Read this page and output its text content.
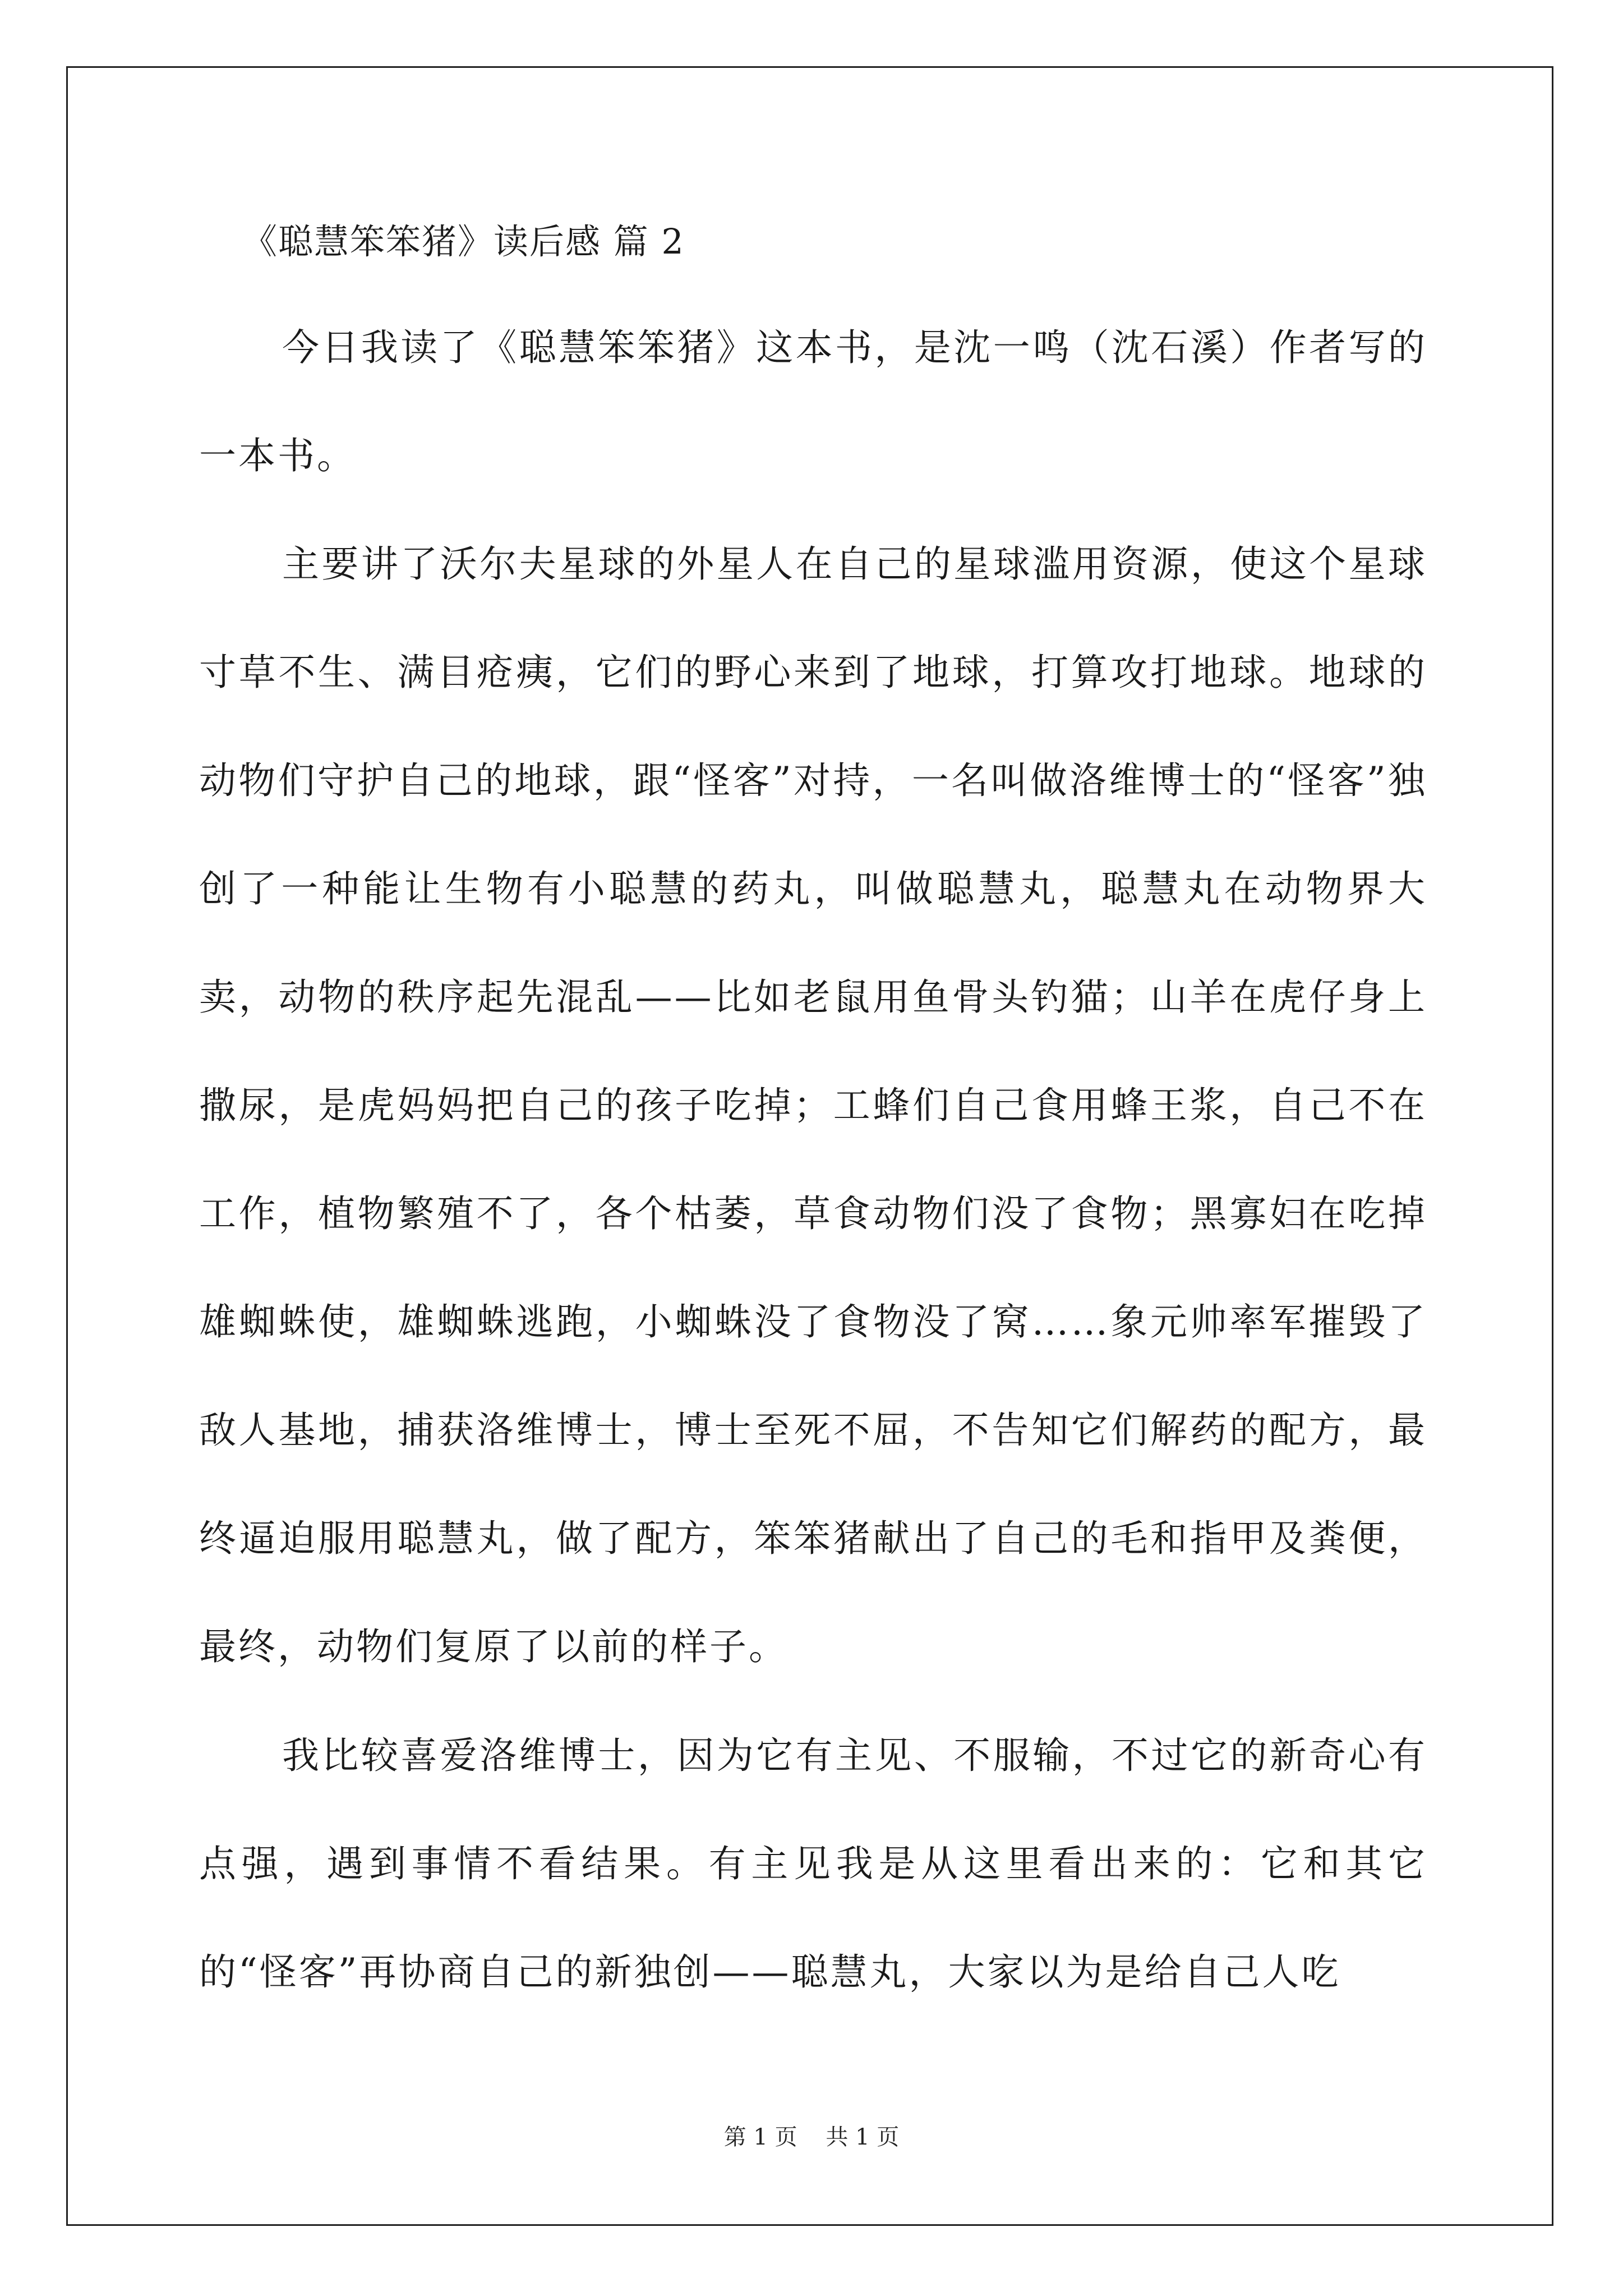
《聪慧笨笨猪》读后感 篇 2

今日我读了《聪慧笨笨猪》这本书，是沈一鸣（沈石溪）作者写的一本书。

主要讲了沃尔夫星球的外星人在自己的星球滥用资源，使这个星球寸草不生、满目疮痍，它们的野心来到了地球，打算攻打地球。地球的动物们守护自己的地球，跟“怪客”对持，一名叫做洛维博士的“怪客”独创了一种能让生物有小聪慧的药丸，叫做聪慧丸，聪慧丸在动物界大卖，动物的秩序起先混乱——比如老鼠用鱼骨头钓猫；山羊在虎仔身上撒尿，是虎妈妈把自己的孩子吃掉；工蜂们自己食用蜂王浆，自己不在工作，植物繁殖不了，各个枯萎，草食动物们没了食物；黑寡妇在吃掉雄蜘蛛使，雄蜘蛛逃跑，小蜘蛛没了食物没了窝……象元帅率军摧毁了敌人基地，捕获洛维博士，博士至死不屈，不告知它们解药的配方，最终逼迫服用聪慧丸，做了配方，笨笨猪献出了自己的毛和指甲及粪便，最终，动物们复原了以前的样子。

我比较喜爱洛维博士，因为它有主见、不服输，不过它的新奇心有点强，遇到事情不看结果。有主见我是从这里看出来的：它和其它的“怪客”再协商自己的新独创——聪慧丸，大家以为是给自己人吃

第 1 页    共 1 页
